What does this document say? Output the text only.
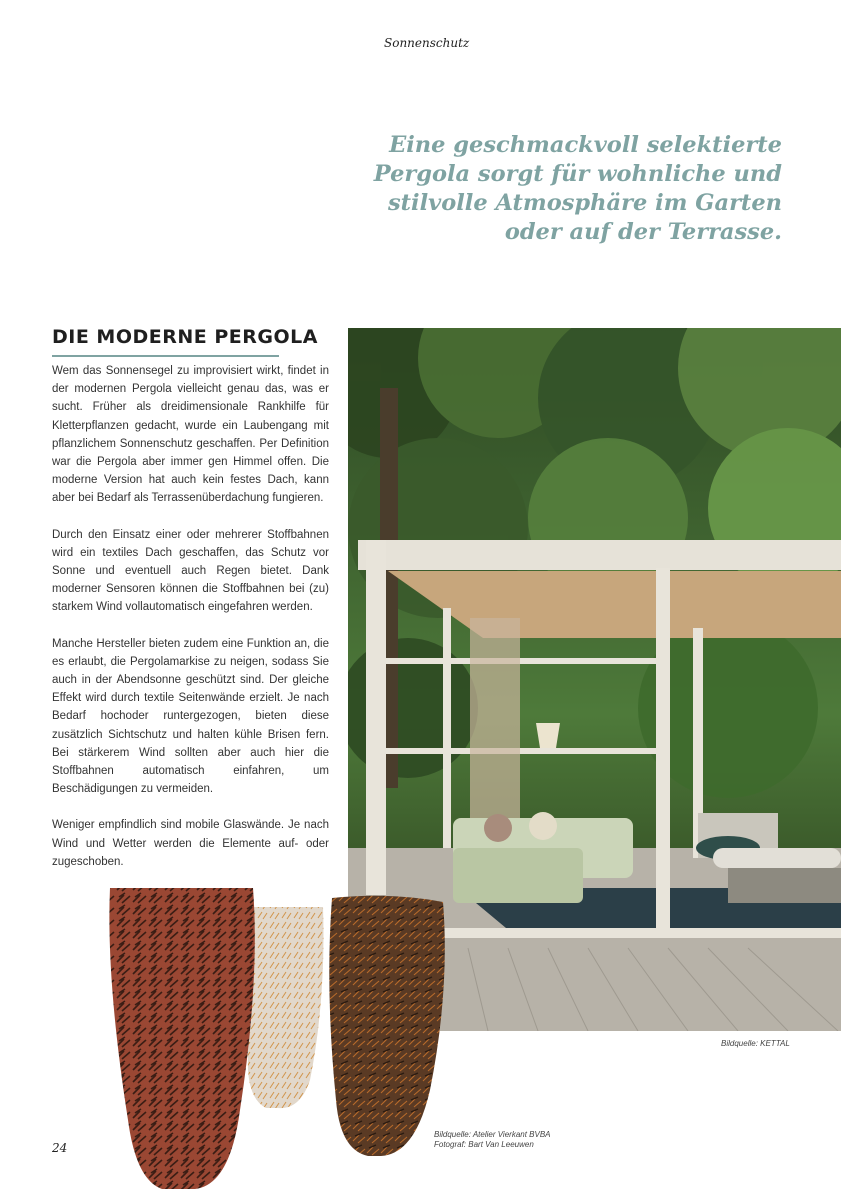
Sonnenschutz
Eine geschmackvoll selektierte
Pergola sorgt für wohnliche und
stilvolle Atmosphäre im Garten
oder auf der Terrasse.
DIE MODERNE PERGOLA

Wem das Sonnensegel zu improvisiert wirkt, findet in der modernen Pergola vielleicht genau das, was er sucht. Früher als dreidimensionale Rankhilfe für Kletterpflanzen gedacht, wurde ein Laubengang mit pflanzlichem Sonnenschutz geschaffen. Per Definition war die Pergola aber immer gen Himmel offen. Die moderne Version hat auch kein festes Dach, kann aber bei Bedarf als Terrassenüberdachung fungieren.

Durch den Einsatz einer oder mehrerer Stoffbahnen wird ein textiles Dach geschaffen, das Schutz vor Sonne und eventuell auch Regen bietet. Dank moderner Sensoren können die Stoffbahnen bei (zu) starkem Wind vollautomatisch eingefahren werden.

Manche Hersteller bieten zudem eine Funktion an, die es erlaubt, die Pergolamarkise zu neigen, sodass Sie auch in der Abendsonne geschützt sind. Der gleiche Effekt wird durch textile Seitenwände erzielt. Je nach Bedarf hochoder runtergezogen, bieten diese zusätzlich Sichtschutz und halten kühle Brisen fern. Bei stärkerem Wind sollten aber auch hier die Stoffbahnen automatisch einfahren, um Beschädigungen zu vermeiden.

Weniger empfindlich sind mobile Glaswände. Je nach Wind und Wetter werden die Elemente auf- oder zugeschoben.

Bildquelle: KETTAL
Bildquelle: Atelier Vierkant BVBA
Fotograf: Bart Van Leeuwen
24
